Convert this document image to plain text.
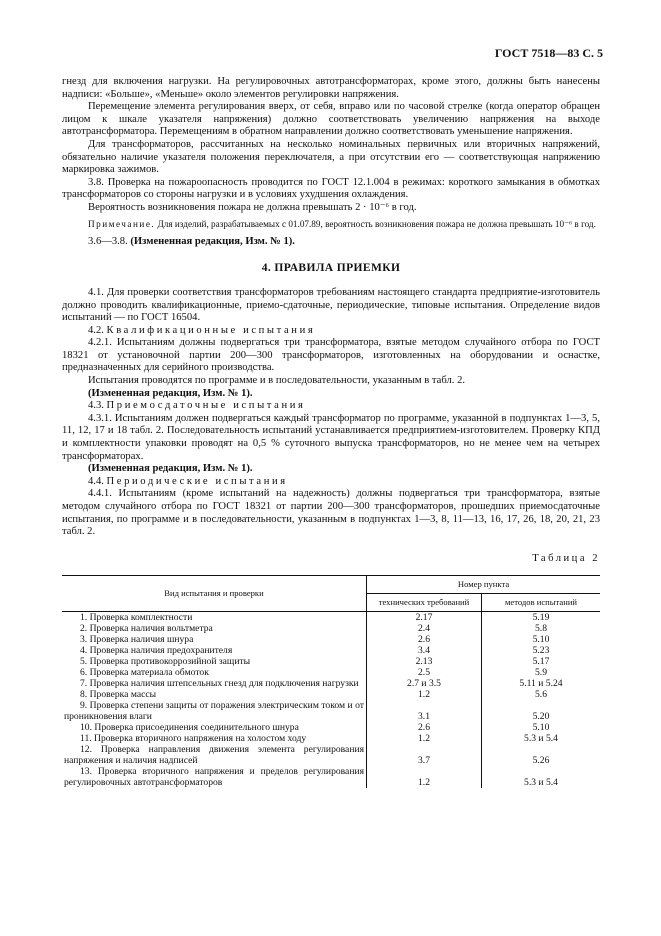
ГОСТ 7518—83 С. 5

гнезд для включения нагрузки. На регулировочных автотрансформаторах, кроме этого, должны быть нанесены надписи: «Больше», «Меньше» около элементов регулировки напряжения.

Перемещение элемента регулирования вверх, от себя, вправо или по часовой стрелке (когда оператор обращен лицом к шкале указателя напряжения) должно соответствовать увеличению напряжения на выходе автотрансформатора. Перемещениям в обратном направлении должно соответствовать уменьшение напряжения.

Для трансформаторов, рассчитанных на несколько номинальных первичных или вторичных напряжений, обязательно наличие указателя положения переключателя, а при отсутствии его — соответствующая напряжению маркировка зажимов.

3.8. Проверка на пожароопасность проводится по ГОСТ 12.1.004 в режимах: короткого замыкания в обмотках трансформаторов со стороны нагрузки и в условиях ухудшения охлаждения.

Вероятность возникновения пожара не должна превышать 2 · 10⁻⁶ в год.

Примечание. Для изделий, разрабатываемых с 01.07.89, вероятность возникновения пожара не должна превышать 10⁻⁶ в год.

3.6—3.8. (Измененная редакция, Изм. № 1).

4. ПРАВИЛА ПРИЕМКИ

4.1. Для проверки соответствия трансформаторов требованиям настоящего стандарта предприятие-изготовитель должно проводить квалификационные, приемо-сдаточные, периодические, типовые испытания. Определение видов испытаний — по ГОСТ 16504.

4.2. Квалификационные испытания

4.2.1. Испытаниям должны подвергаться три трансформатора, взятые методом случайного отбора по ГОСТ 18321 от установочной партии 200—300 трансформаторов, изготовленных на оборудовании и оснастке, предназначенных для серийного производства.

Испытания проводятся по программе и в последовательности, указанным в табл. 2.

(Измененная редакция, Изм. № 1).

4.3. Приемосдаточные испытания

4.3.1. Испытаниям должен подвергаться каждый трансформатор по программе, указанной в подпунктах 1—3, 5, 11, 12, 17 и 18 табл. 2. Последовательность испытаний устанавливается предприятием-изготовителем. Проверку КПД и комплектности упаковки проводят на 0,5 % суточного выпуска трансформаторов, но не менее чем на четырех трансформаторах.

(Измененная редакция, Изм. № 1).

4.4. Периодические испытания

4.4.1. Испытаниям (кроме испытаний на надежность) должны подвергаться три трансформатора, взятые методом случайного отбора по ГОСТ 18321 от партии 200—300 трансформаторов, прошедших приемосдаточные испытания, по программе и в последовательности, указанным в подпунктах 1—3, 8, 11—13, 16, 17, 26, 18, 20, 21, 23 табл. 2.

Таблица 2
Вид испытания и проверки	Номер пункта	
	технических требований	методов испытаний
1. Проверка комплектности	2.17	5.19
2. Проверка наличия вольтметра	2.4	5.8
3. Проверка наличия шнура	2.6	5.10
4. Проверка наличия предохранителя	3.4	5.23
5. Проверка противокоррозийной защиты	2.13	5.17
6. Проверка материала обмоток	2.5	5.9
7. Проверка наличия штепсельных гнезд для подключения нагрузки	2.7 и 3.5	5.11 и 5.24
8. Проверка массы	1.2	5.6
9. Проверка степени защиты от поражения электрическим током и от проникновения влаги	3.1	5.20
10. Проверка присоединения соединительного шнура	2.6	5.10
11. Проверка вторичного напряжения на холостом ходу	1.2	5.3 и 5.4
12. Проверка направления движения элемента регулирования напряжения и наличия надписей	3.7	5.26
13. Проверка вторичного напряжения и пределов регулирования регулировочных автотрансформаторов	1.2	5.3 и 5.4
